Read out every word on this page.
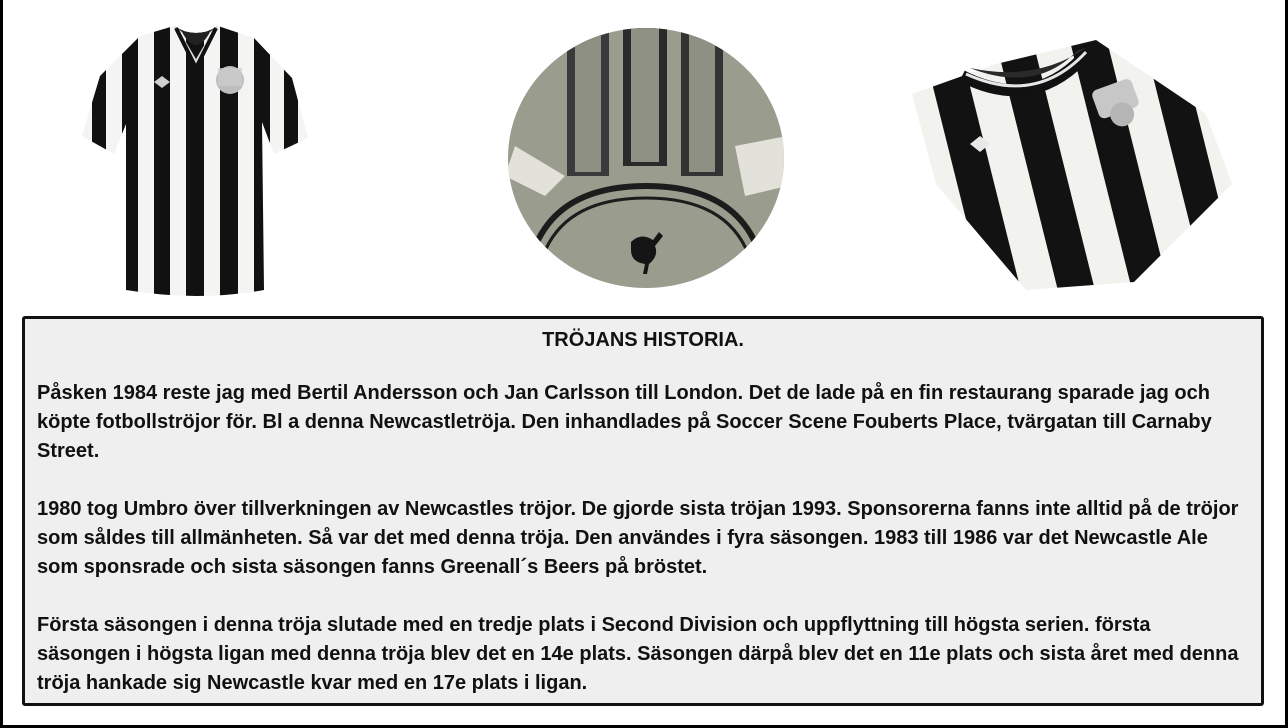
TRÖJANS HISTORIA.

Påsken 1984 reste jag med Bertil Andersson och Jan Carlsson till London. Det de lade på en fin restaurang sparade jag och köpte fotbollströjor för. Bl a denna Newcastletröja. Den inhandlades på Soccer Scene Fouberts Place, tvärgatan till Carnaby Street.

1980 tog Umbro över tillverkningen av Newcastles tröjor. De gjorde sista tröjan 1993. Sponsorerna fanns inte alltid på de tröjor som såldes till allmänheten. Så var det med denna tröja. Den användes i fyra säsongen. 1983 till 1986 var det Newcastle Ale som sponsrade och sista säsongen fanns Greenall´s Beers på bröstet.

Första säsongen i denna tröja slutade med en tredje plats i Second Division och uppflyttning till högsta serien. första säsongen i högsta ligan med denna tröja blev det en 14e plats. Säsongen därpå blev det en 11e plats och sista året med denna tröja hankade sig Newcastle kvar med en 17e plats i ligan.
